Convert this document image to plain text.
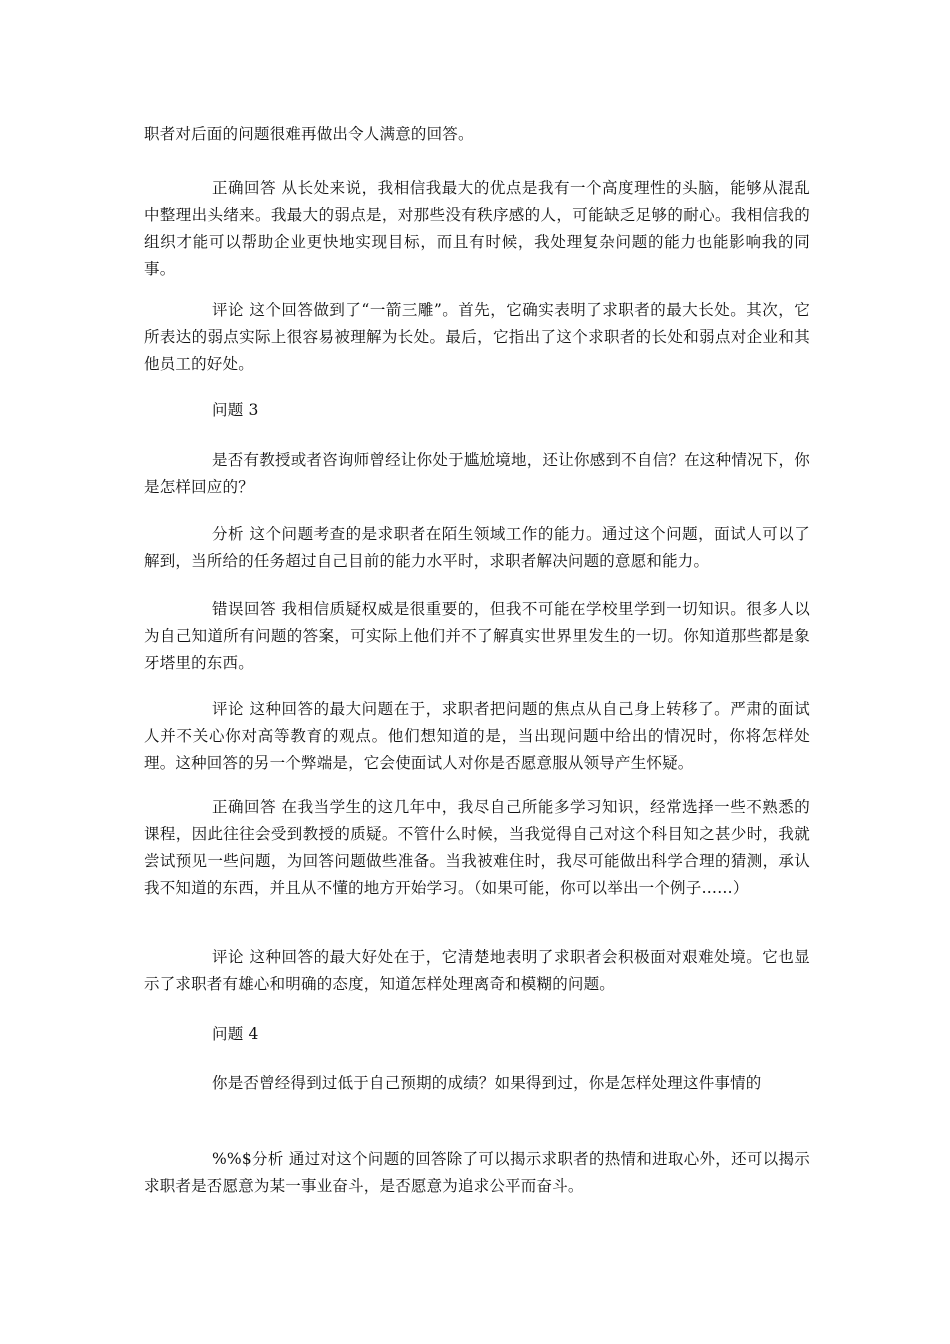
职者对后面的问题很难再做出令人满意的回答。

正确回答 从长处来说，我相信我最大的优点是我有一个高度理性的头脑，能够从混乱中整理出头绪来。我最大的弱点是，对那些没有秩序感的人，可能缺乏足够的耐心。我相信我的组织才能可以帮助企业更快地实现目标，而且有时候，我处理复杂问题的能力也能影响我的同事。

评论 这个回答做到了“一箭三雕”。首先，它确实表明了求职者的最大长处。其次，它所表达的弱点实际上很容易被理解为长处。最后，它指出了这个求职者的长处和弱点对企业和其他员工的好处。

问题 3

是否有教授或者咨询师曾经让你处于尴尬境地，还让你感到不自信？在这种情况下，你是怎样回应的？

分析 这个问题考查的是求职者在陌生领域工作的能力。通过这个问题，面试人可以了解到，当所给的任务超过自己目前的能力水平时，求职者解决问题的意愿和能力。

错误回答 我相信质疑权威是很重要的，但我不可能在学校里学到一切知识。很多人以为自己知道所有问题的答案，可实际上他们并不了解真实世界里发生的一切。你知道那些都是象牙塔里的东西。

评论 这种回答的最大问题在于，求职者把问题的焦点从自己身上转移了。严肃的面试人并不关心你对高等教育的观点。他们想知道的是，当出现问题中给出的情况时，你将怎样处理。这种回答的另一个弊端是，它会使面试人对你是否愿意服从领导产生怀疑。

正确回答 在我当学生的这几年中，我尽自己所能多学习知识，经常选择一些不熟悉的课程，因此往往会受到教授的质疑。不管什么时候，当我觉得自己对这个科目知之甚少时，我就尝试预见一些问题，为回答问题做些准备。当我被难住时，我尽可能做出科学合理的猜测，承认我不知道的东西，并且从不懂的地方开始学习。（如果可能，你可以举出一个例子……）

评论 这种回答的最大好处在于，它清楚地表明了求职者会积极面对艰难处境。它也显示了求职者有雄心和明确的态度，知道怎样处理离奇和模糊的问题。

问题 4

你是否曾经得到过低于自己预期的成绩？如果得到过，你是怎样处理这件事情的

%%$分析 通过对这个问题的回答除了可以揭示求职者的热情和进取心外，还可以揭示求职者是否愿意为某一事业奋斗，是否愿意为追求公平而奋斗。
